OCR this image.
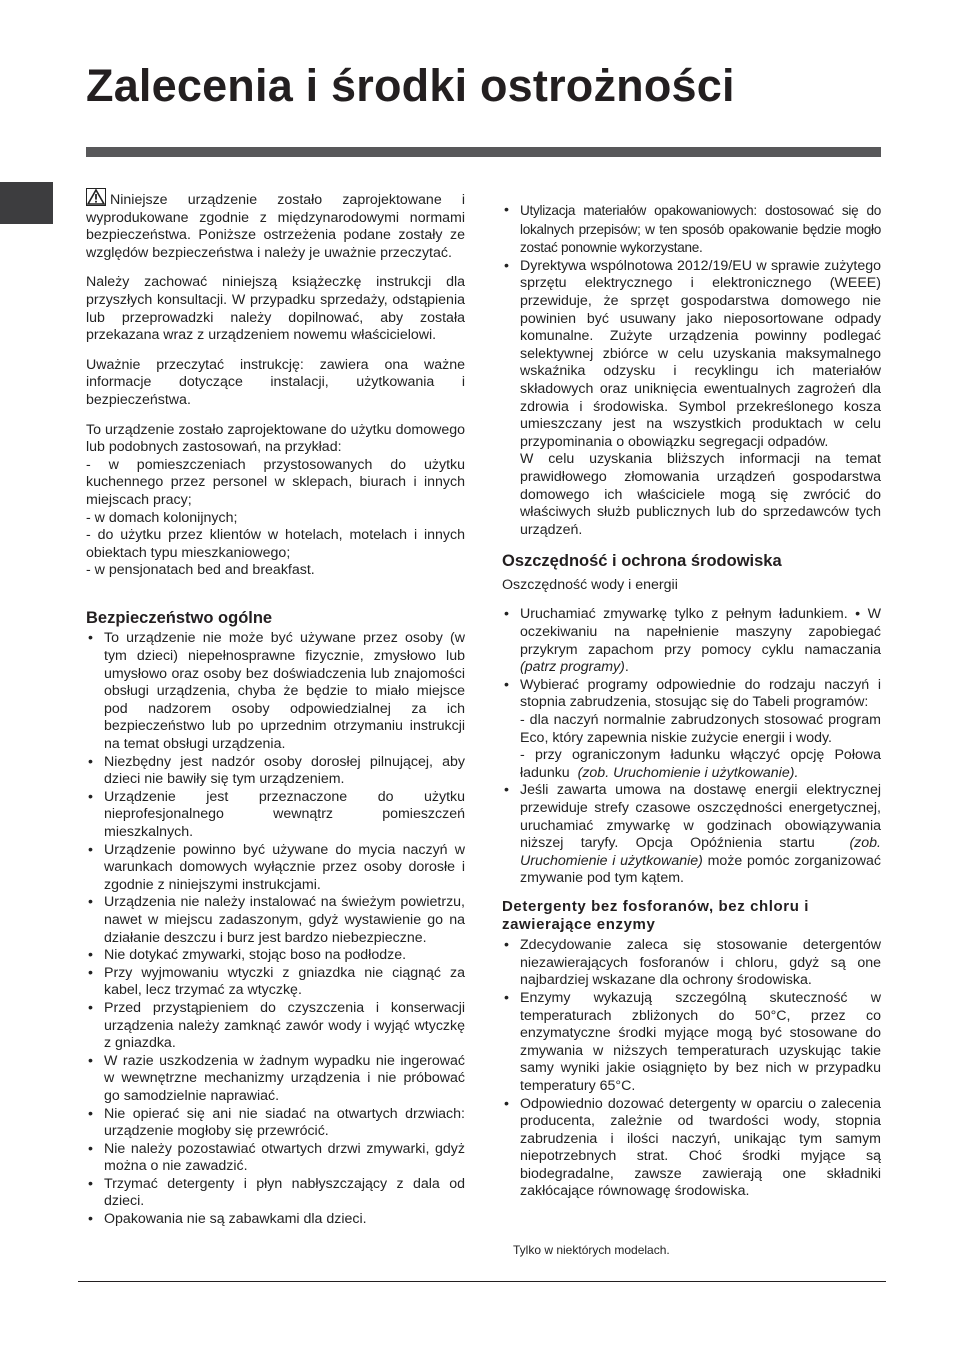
Zalecenia i środki ostrożności

Niniejsze urządzenie zostało zaprojektowane i wyprodukowane zgodnie z międzynarodowymi normami bezpieczeństwa. Poniższe ostrzeżenia podane zostały ze względów bezpieczeństwa i należy je uważnie przeczytać.

Należy zachować niniejszą książeczkę instrukcji dla przyszłych konsultacji. W przypadku sprzedaży, odstąpienia lub przeprowadzki należy dopilnować, aby została przekazana wraz z urządzeniem nowemu właścicielowi.

Uważnie przeczytać instrukcję: zawiera ona ważne informacje dotyczące instalacji, użytkowania i bezpieczeństwa.

To urządzenie zostało zaprojektowane do użytku domowego lub podobnych zastosowań, na przykład:
- w pomieszczeniach przystosowanych do użytku kuchennego przez personel w sklepach, biurach i innych miejscach pracy;
- w domach kolonijnych;
- do użytku przez klientów w hotelach, motelach i innych obiektach typu mieszkaniowego;
- w pensjonatach bed and breakfast.

Bezpieczeństwo ogólne
• To urządzenie nie może być używane przez osoby (w tym dzieci) niepełnosprawne fizycznie, zmysłowo lub umysłowo oraz osoby bez doświadczenia lub znajomości obsługi urządzenia, chyba że będzie to miało miejsce pod nadzorem osoby odpowiedzialnej za ich bezpieczeństwo lub po uprzednim otrzymaniu instrukcji na temat obsługi urządzenia.
• Niezbędny jest nadzór osoby dorosłej pilnującej, aby dzieci nie bawiły się tym urządzeniem.
• Urządzenie jest przeznaczone do użytku nieprofesjonalnego wewnątrz pomieszczeń mieszkalnych.
• Urządzenie powinno być używane do mycia naczyń w warunkach domowych wyłącznie przez osoby dorosłe i zgodnie z niniejszymi instrukcjami.
• Urządzenia nie należy instalować na świeżym powietrzu, nawet w miejscu zadaszonym, gdyż wystawienie go na działanie deszczu i burz jest bardzo niebezpieczne.
• Nie dotykać zmywarki, stojąc boso na podłodze.
• Przy wyjmowaniu wtyczki z gniazdka nie ciągnąć za kabel, lecz trzymać za wtyczkę.
• Przed przystąpieniem do czyszczenia i konserwacji urządzenia należy zamknąć zawór wody i wyjąć wtyczkę z gniazdka.
• W razie uszkodzenia w żadnym wypadku nie ingerować w wewnętrzne mechanizmy urządzenia i nie próbować go samodzielnie naprawiać.
• Nie opierać się ani nie siadać na otwartych drzwiach: urządzenie mogłoby się przewrócić.
• Nie należy pozostawiać otwartych drzwi zmywarki, gdyż można o nie zawadzić.
• Trzymać detergenty i płyn nabłyszczający z dala od dzieci.
• Opakowania nie są zabawkami dla dzieci.
• Utylizacja materiałów opakowaniowych: dostosować się do lokalnych przepisów; w ten sposób opakowanie będzie mogło zostać ponownie wykorzystane.
• Dyrektywa wspólnotowa 2012/19/EU w sprawie zużytego sprzętu elektrycznego i elektronicznego (WEEE) przewiduje, że sprzęt gospodarstwa domowego nie powinien być usuwany jako nieposortowane odpady komunalne. Zużyte urządzenia powinny podlegać selektywnej zbiórce w celu uzyskania maksymalnego wskaźnika odzysku i recyklingu ich materiałów składowych oraz uniknięcia ewentualnych zagrożeń dla zdrowia i środowiska. Symbol przekreślonego kosza umieszczany jest na wszystkich produktach w celu przypominania o obowiązku segregacji odpadów.
W celu uzyskania bliższych informacji na temat prawidłowego złomowania urządzeń gospodarstwa domowego ich właściciele mogą się zwrócić do właściwych służb publicznych lub do sprzedawców tych urządzeń.
Oszczędność i ochrona środowiska

Oszczędność wody i energii

• Uruchamiać zmywarkę tylko z pełnym ładunkiem. • W oczekiwaniu na napełnienie maszyny zapobiegać przykrym zapachom przy pomocy cyklu namaczania (patrz programy).
• Wybierać programy odpowiednie do rodzaju naczyń i stopnia zabrudzenia, stosując się do Tabeli programów:
- dla naczyń normalnie zabrudzonych stosować program Eco, który zapewnia niskie zużycie energii i wody.
- przy ograniczonym ładunku włączyć opcję Połowa ładunku (zob. Uruchomienie i użytkowanie).
• Jeśli zawarta umowa na dostawę energii elektrycznej przewiduje strefy czasowe oszczędności energetycznej, uruchamiać zmywarkę w godzinach obowiązywania niższej taryfy. Opcja Opóźnienia startu (zob. Uruchomienie i użytkowanie) może pomóc zorganizować zmywanie pod tym kątem.
Detergenty bez fosforanów, bez chloru i zawierające enzymy
• Zdecydowanie zaleca się stosowanie detergentów niezawierających fosforanów i chloru, gdyż są one najbardziej wskazane dla ochrony środowiska.
• Enzymy wykazują szczególną skuteczność w temperaturach zbliżonych do 50°C, przez co enzymatyczne środki myjące mogą być stosowane do zmywania w niższych temperaturach uzyskując takie samy wyniki jakie osiągnięto by bez nich w przypadku temperatury 65°C.
• Odpowiednio dozować detergenty w oparciu o zalecenia producenta, zależnie od twardości wody, stopnia zabrudzenia i ilości naczyń, unikając tym samym niepotrzebnych strat. Choć środki myjące są biodegradalne, zawsze zawierają one składniki zakłócające równowagę środowiska.
Tylko w niektórych modelach.
